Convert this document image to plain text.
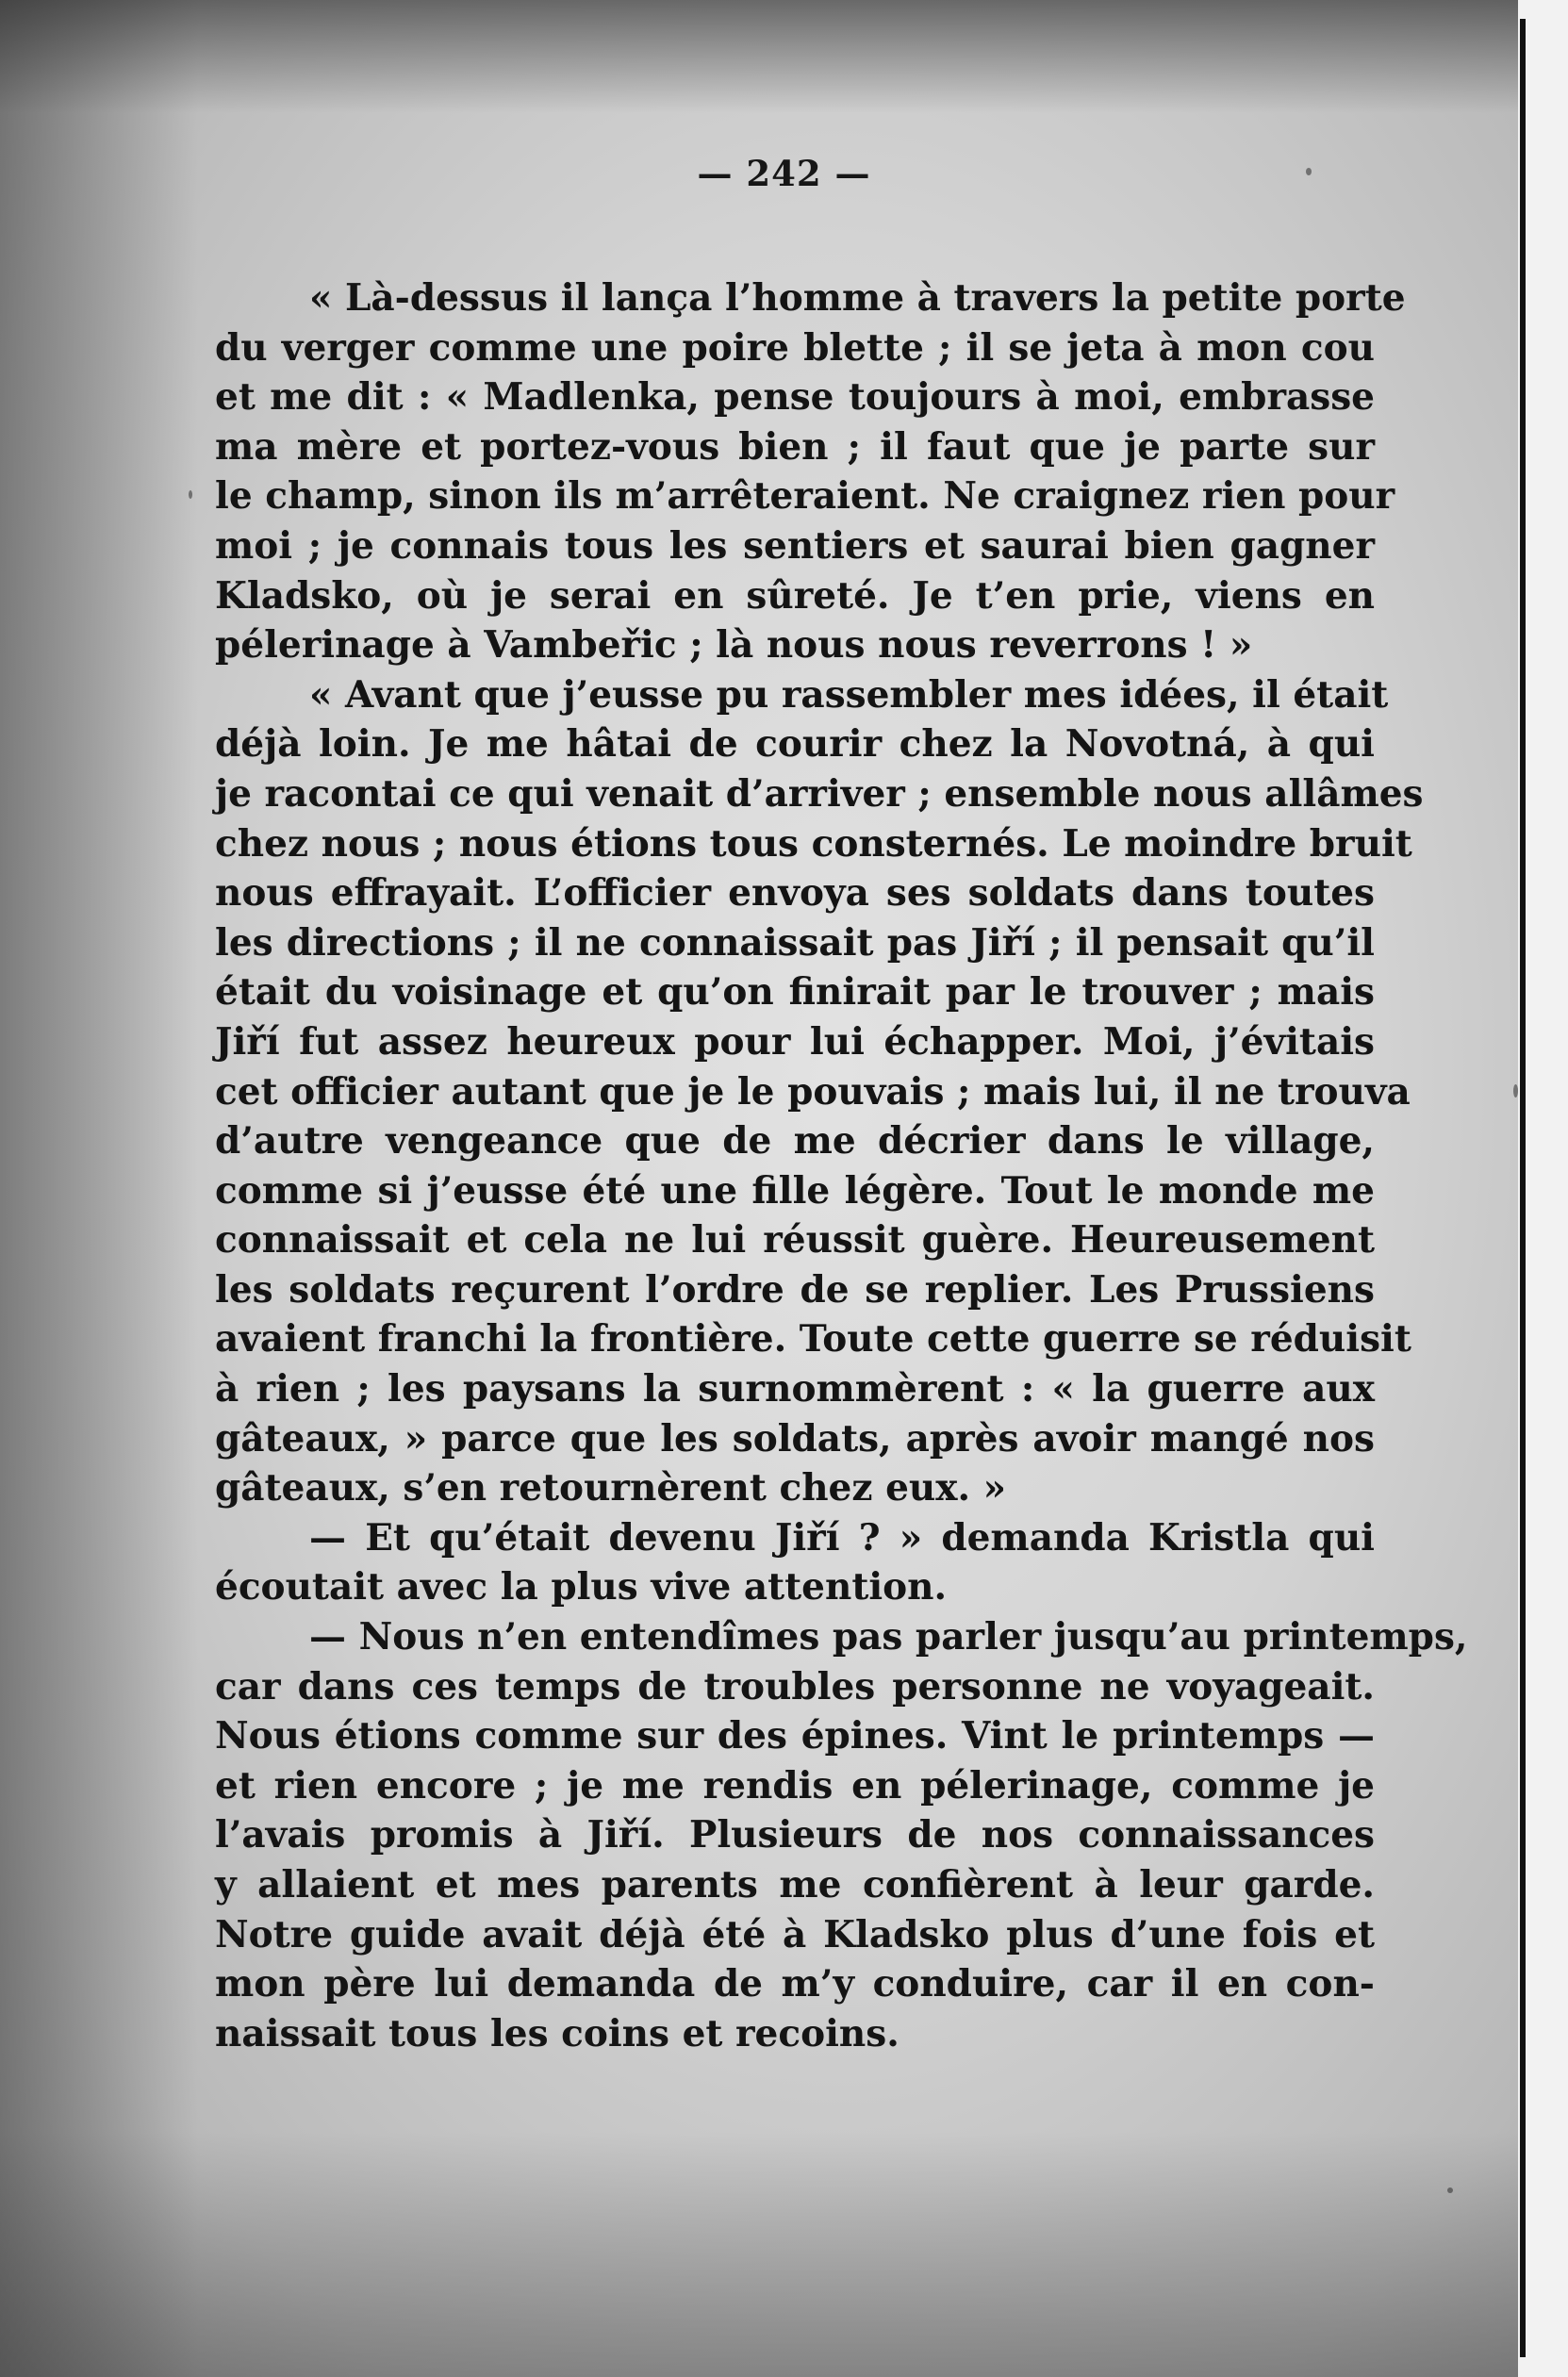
— 242 —
« Là-dessus il lança l’homme à travers la petite porte
du verger comme une poire blette ; il se jeta à mon cou
et me dit : « Madlenka, pense toujours à moi, embrasse
ma mère et portez-vous bien ; il faut que je parte sur
le champ, sinon ils m’arrêteraient. Ne craignez rien pour
moi ; je connais tous les sentiers et saurai bien gagner
Kladsko, où je serai en sûreté. Je t’en prie, viens en
pélerinage à Vambeřic ; là nous nous reverrons ! »
« Avant que j’eusse pu rassembler mes idées, il était
déjà loin. Je me hâtai de courir chez la Novotná, à qui
je racontai ce qui venait d’arriver ; ensemble nous allâmes
chez nous ; nous étions tous consternés. Le moindre bruit
nous effrayait. L’officier envoya ses soldats dans toutes
les directions ; il ne connaissait pas Jiří ; il pensait qu’il
était du voisinage et qu’on finirait par le trouver ; mais
Jiří fut assez heureux pour lui échapper. Moi, j’évitais
cet officier autant que je le pouvais ; mais lui, il ne trouva
d’autre vengeance que de me décrier dans le village,
comme si j’eusse été une fille légère. Tout le monde me
connaissait et cela ne lui réussit guère. Heureusement
les soldats reçurent l’ordre de se replier. Les Prussiens
avaient franchi la frontière. Toute cette guerre se réduisit
à rien ; les paysans la surnommèrent : « la guerre aux
gâteaux, » parce que les soldats, après avoir mangé nos
gâteaux, s’en retournèrent chez eux. »
— Et qu’était devenu Jiří ? » demanda Kristla qui
écoutait avec la plus vive attention.
— Nous n’en entendîmes pas parler jusqu’au printemps,
car dans ces temps de troubles personne ne voyageait.
Nous étions comme sur des épines. Vint le printemps —
et rien encore ; je me rendis en pélerinage, comme je
l’avais promis à Jiří. Plusieurs de nos connaissances
y allaient et mes parents me confièrent à leur garde.
Notre guide avait déjà été à Kladsko plus d’une fois et
mon père lui demanda de m’y conduire, car il en con-
naissait tous les coins et recoins.
